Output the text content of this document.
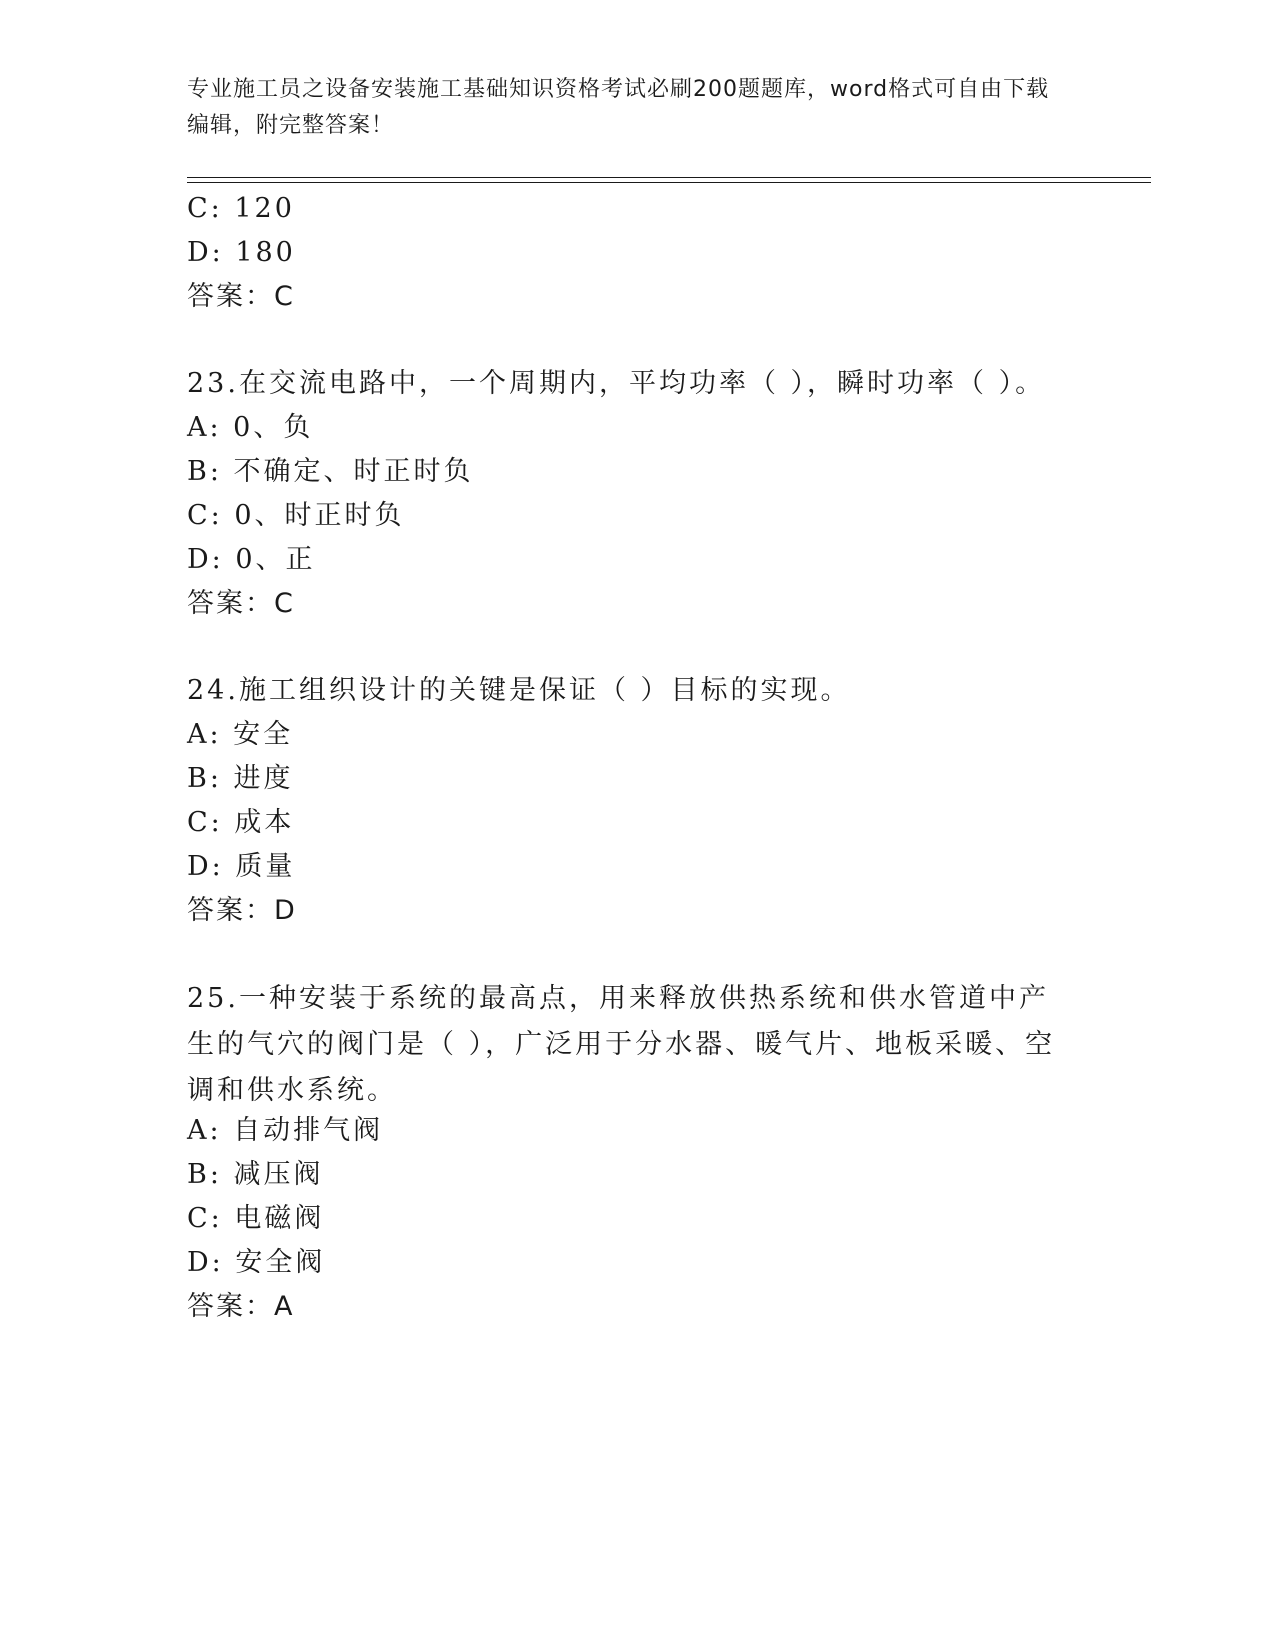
专业施工员之设备安装施工基础知识资格考试必刷200题题库，word格式可自由下载编辑，附完整答案！
C: 120
D: 180
答案：C
23.在交流电路中，一个周期内，平均功率（ ），瞬时功率（ ）。
A: 0、负
B: 不确定、时正时负
C: 0、时正时负
D: 0、正
答案：C
24.施工组织设计的关键是保证（ ）目标的实现。
A: 安全
B: 进度
C: 成本
D: 质量
答案：D
25.一种安装于系统的最高点，用来释放供热系统和供水管道中产生的气穴的阀门是（ ），广泛用于分水器、暖气片、地板采暖、空调和供水系统。
A: 自动排气阀
B: 减压阀
C: 电磁阀
D: 安全阀
答案：A
